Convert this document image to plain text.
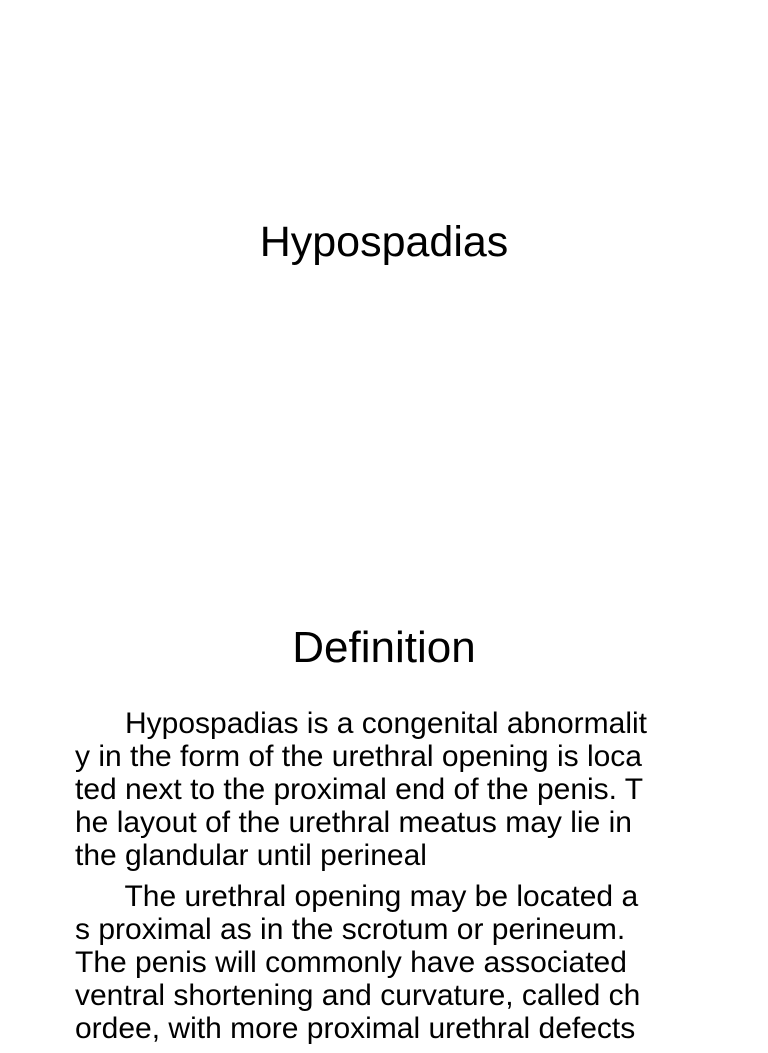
Hypospadias
Definition
Hypospadias is a congenital abnormalit
y in the form of the urethral opening is loca
ted next to the proximal end of the penis. T
he layout of the urethral meatus may lie in
the glandular until perineal
The urethral opening may be located a
s proximal as in the scrotum or perineum.
The penis will commonly have associated
ventral shortening and curvature, called ch
ordee, with more proximal urethral defects
